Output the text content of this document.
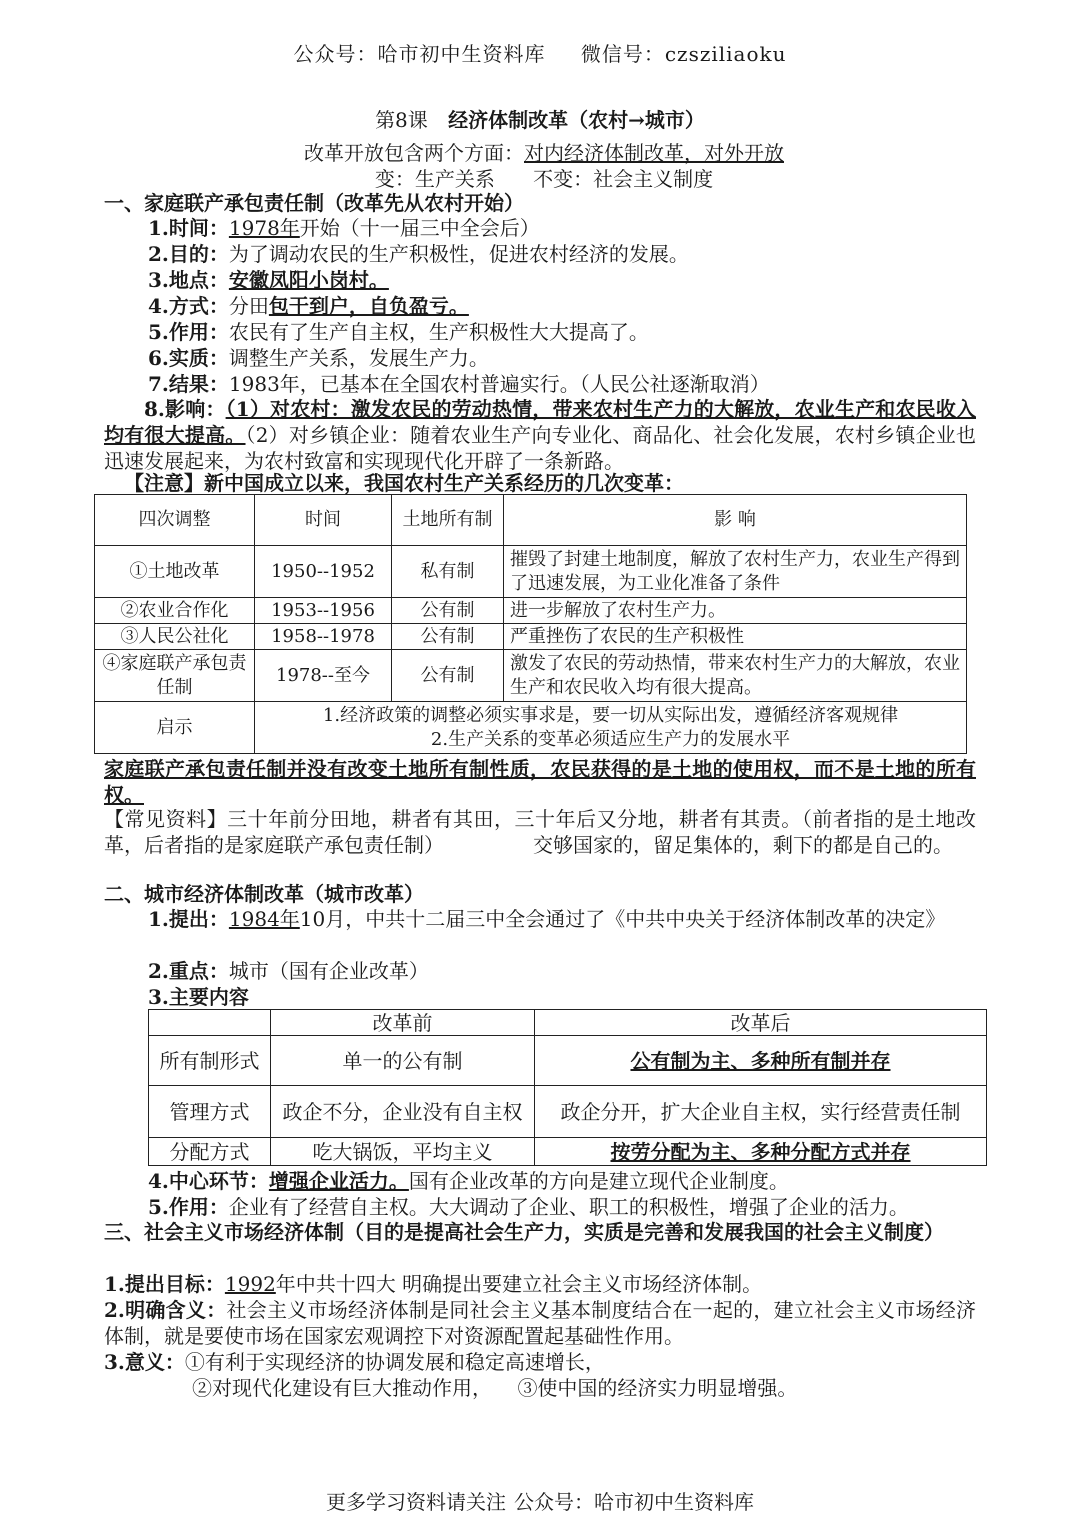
公众号：哈市初中生资料库 微信号：czsziliaoku
第8课 经济体制改革（农村→城市）
改革开放包含两个方面：对内经济体制改革，对外开放
变：生产关系 不变：社会主义制度
一、家庭联产承包责任制（改革先从农村开始）
1.时间：1978年开始（十一届三中全会后）
2.目的：为了调动农民的生产积极性，促进农村经济的发展。
3.地点：安徽凤阳小岗村。
4.方式：分田包干到户，自负盈亏。
5.作用：农民有了生产自主权，生产积极性大大提高了。
6.实质：调整生产关系，发展生产力。
7.结果：1983年，已基本在全国农村普遍实行。（人民公社逐渐取消）
8.影响：（1）对农村：激发农民的劳动热情，带来农村生产力的大解放，农业生产和农民收入均有很大提高。（2）对乡镇企业：随着农业生产向专业化、商品化、社会化发展，农村乡镇企业也迅速发展起来，为农村致富和实现现代化开辟了一条新路。
【注意】新中国成立以来，我国农村生产关系经历的几次变革：
四次调整	时间	土地所有制	影 响
①土地改革	1950--1952	私有制	摧毁了封建土地制度，解放了农村生产力，农业生产得到了迅速发展，为工业化准备了条件
②农业合作化	1953--1956	公有制	进一步解放了农村生产力。
③人民公社化	1958--1978	公有制	严重挫伤了农民的生产积极性
④家庭联产承包责任制	1978--至今	公有制	激发了农民的劳动热情，带来农村生产力的大解放，农业生产和农民收入均有很大提高。
启示	1.经济政策的调整必须实事求是，要一切从实际出发，遵循经济客观规律
2.生产关系的变革必须适应生产力的发展水平		
家庭联产承包责任制并没有改变土地所有制性质，农民获得的是土地的使用权，而不是土地的所有权。
【常见资料】三十年前分田地，耕者有其田，三十年后又分地，耕者有其责。（前者指的是土地改革，后者指的是家庭联产承包责任制）	交够国家的，留足集体的，剩下的都是自己的。
二、城市经济体制改革（城市改革）
1.提出：1984年10月，中共十二届三中全会通过了《中共中央关于经济体制改革的决定》
2.重点：城市（国有企业改革）
3.主要内容
	改革前	改革后
所有制形式	单一的公有制	公有制为主、多种所有制并存
管理方式	政企不分，企业没有自主权	政企分开，扩大企业自主权，实行经营责任制
分配方式	吃大锅饭，平均主义	按劳分配为主、多种分配方式并存
4.中心环节：增强企业活力。国有企业改革的方向是建立现代企业制度。
5.作用：企业有了经营自主权。大大调动了企业、职工的积极性，增强了企业的活力。
三、社会主义市场经济体制（目的是提高社会生产力，实质是完善和发展我国的社会主义制度）
1.提出目标：1992年中共十四大 明确提出要建立社会主义市场经济体制。
2.明确含义：社会主义市场经济体制是同社会主义基本制度结合在一起的，建立社会主义市场经济体制，就是要使市场在国家宏观调控下对资源配置起基础性作用。
3.意义：①有利于实现经济的协调发展和稳定高速增长，
②对现代化建设有巨大推动作用， ③使中国的经济实力明显增强。
更多学习资料请关注 公众号：哈市初中生资料库
